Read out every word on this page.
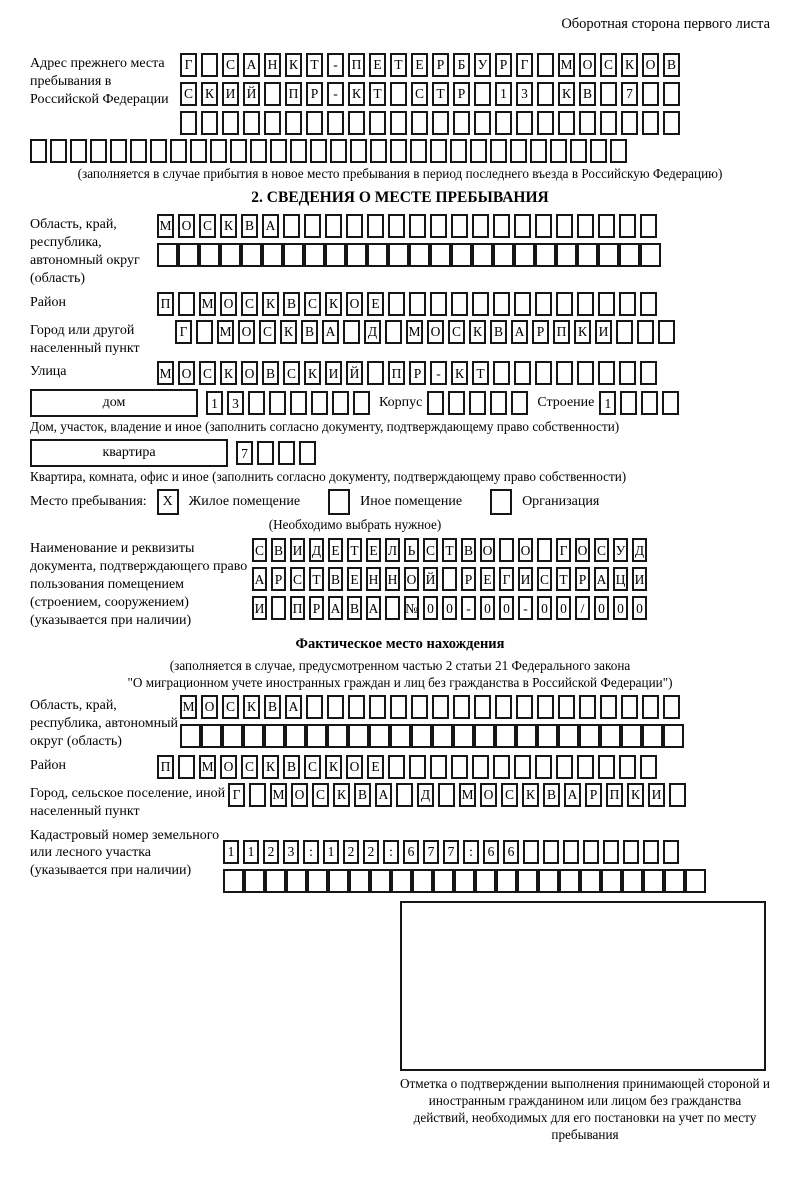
Оборотная сторона первого листа
Адрес прежнего места пребывания в Российской Федерации
Г	С А Н К Т	-	П Е Т Е Р Б У Р Г	М О С К О В
С К И Й П Р	-	К Т	С Т Р	1	3	К В	7
(заполняется в случае прибытия в новое место пребывания в период последнего въезда в Российскую Федерацию)
2. СВЕДЕНИЯ О МЕСТЕ ПРЕБЫВАНИЯ
Область, край, республика, автономный округ (область)
М О С К В А
Район	П М О С К В С К О Е
Город или другой населенный пункт
Г	М О С К В А Д М О С К В А Р П К И
Улица	М О С К О В С К И Й П Р	-	К Т
дом	1	3	Корпус	Строение 1
Дом, участок, владение и иное (заполнить согласно документу, подтверждающему право собственности)
квартира	7
Квартира, комната, офис и иное (заполнить согласно документу, подтверждающему право собственности)
Место пребывания:	X	Жилое помещение	Иное помещение	Организация
(Необходимо выбрать нужное)
Наименование и реквизиты документа, подтверждающего право пользования помещением (строением, сооружением) (указывается при наличии)
С В И Д Е Т Е Л Ь С Т В О О Г О С У Д
А Р С Т В Е Н Н О Й Р Е Г И С Т Р А Ц И
И П Р А В А № 0 0 - 0 0 - 0 0	/	0 0 0
Фактическое место нахождения
(заполняется в случае, предусмотренном частью 2 статьи 21 Федерального закона
"О миграционном учете иностранных граждан и лиц без гражданства в Российской Федерации")
Область, край, республика, автономный округ (область)
М О С К В А
Район	П М О С К В С К О Е
Город, сельское поселение, иной населенный пункт
Г	М О С К В А Д М О С К В А Р П К И
Кадастровый номер земельного или лесного участка (указывается при наличии)
1 1 2 3	:	1 2 2	:	6 7 7	:	6 6
Отметка о подтверждении выполнения принимающей стороной и иностранным гражданином или лицом без гражданства действий, необходимых для его постановки на учет по месту пребывания
